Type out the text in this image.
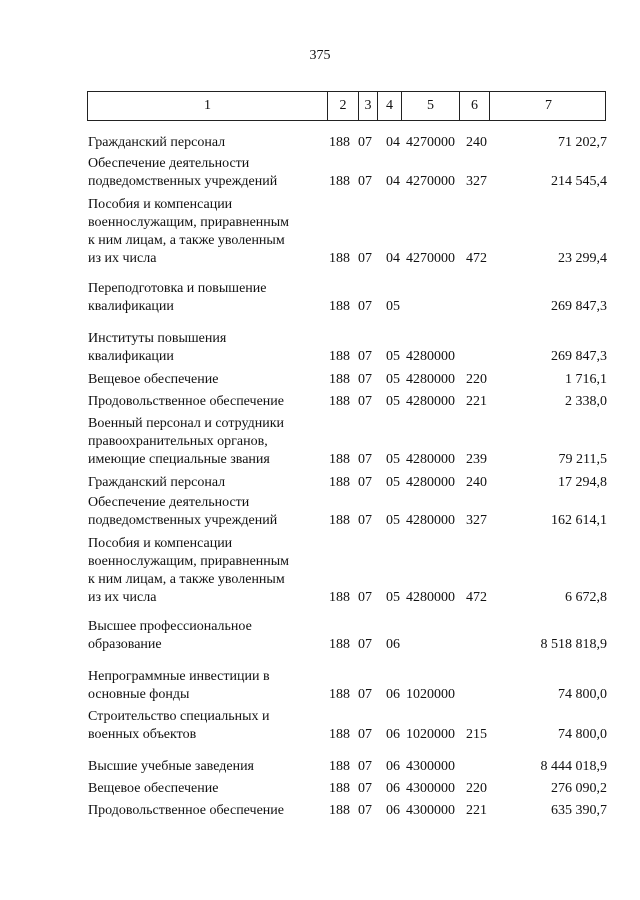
375
1	2	3	4	5	6	7
Гражданский персонал	188 07 04 4270000 240	71 202,7
Обеспечение деятельности
подведомственных учреждений	188 07 04 4270000 327	214 545,4
Пособия и компенсации
военнослужащим, приравненным
к ним лицам, а также уволенным
из их числа	188 07 04 4270000 472	23 299,4
Переподготовка и повышение
квалификации	188 07 05	269 847,3
Институты повышения
квалификации	188 07 05 4280000	269 847,3
Вещевое обеспечение	188 07 05 4280000 220	1 716,1
Продовольственное обеспечение	188 07 05 4280000 221	2 338,0
Военный персонал и сотрудники
правоохранительных органов,
имеющие специальные звания	188 07 05 4280000 239	79 211,5
Гражданский персонал	188 07 05 4280000 240	17 294,8
Обеспечение деятельности
подведомственных учреждений	188 07 05 4280000 327	162 614,1
Пособия и компенсации
военнослужащим, приравненным
к ним лицам, а также уволенным
из их числа	188 07 05 4280000 472	6 672,8
Высшее профессиональное
образование	188 07 06	8 518 818,9
Непрограммные инвестиции в
основные фонды	188 07 06 1020000	74 800,0
Строительство специальных и
военных объектов	188 07 06 1020000 215	74 800,0
Высшие учебные заведения	188 07 06 4300000	8 444 018,9
Вещевое обеспечение	188 07 06 4300000 220	276 090,2
Продовольственное обеспечение	188 07 06 4300000 221	635 390,7
